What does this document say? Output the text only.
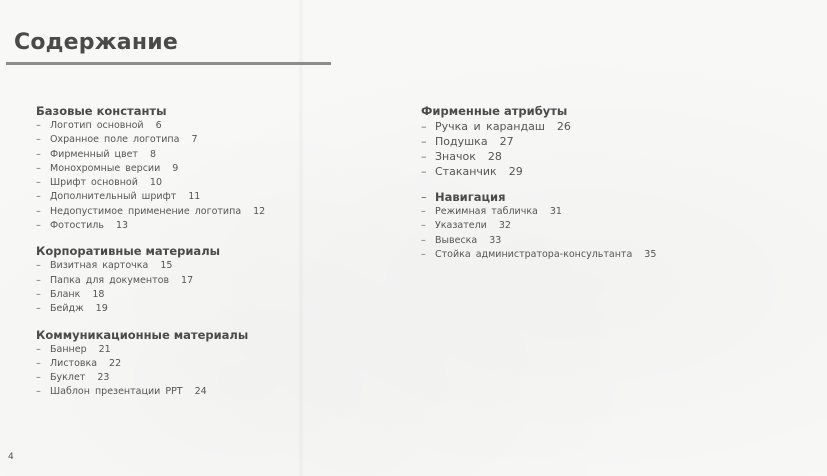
Содержание
Базовые константы
– Логотип основной 6
– Охранное поле логотипа 7
– Фирменный цвет 8
– Монохромные версии 9
– Шрифт основной 10
– Дополнительный шрифт 11
– Недопустимое применение логотипа 12
– Фотостиль 13
Корпоративные материалы
– Визитная карточка 15
– Папка для документов 17
– Бланк 18
– Бейдж 19
Коммуникационные материалы
– Баннер 21
– Листовка 22
– Буклет 23
– Шаблон презентации PPT 24
Фирменные атрибуты
– Ручка и карандаш 26
– Подушка 27
– Значок 28
– Стаканчик 29
– Навигация
– Режимная табличка 31
– Указатели 32
– Вывеска 33
– Стойка администратора-консультанта 35
4
